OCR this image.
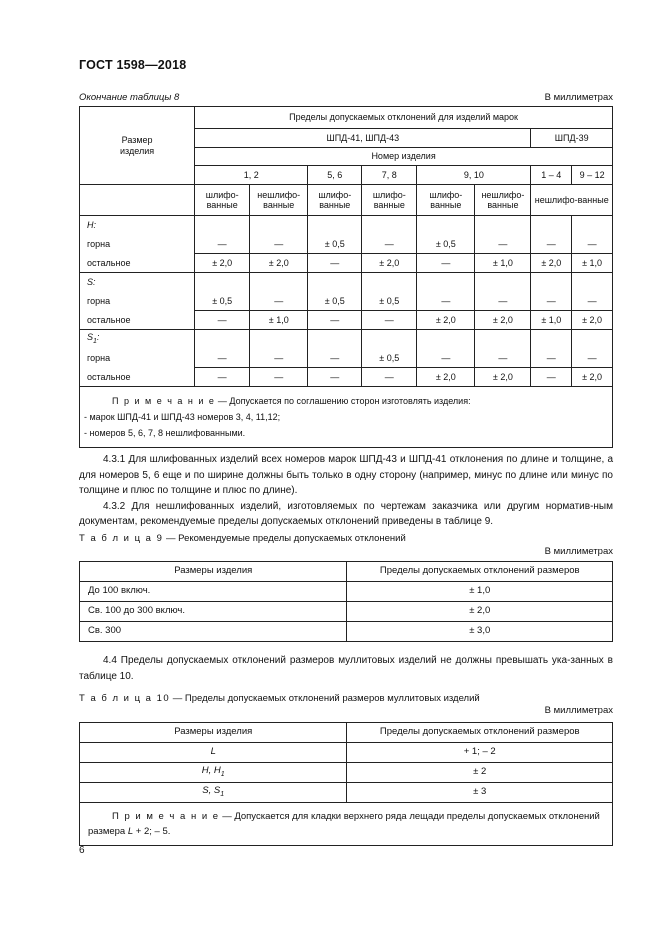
ГОСТ 1598—2018
Окончание таблицы 8	В миллиметрах
Размер изделия	Пределы допускаемых отклонений для изделий марок							
	ШПД-41, ШПД-43						ШПД-39	
	Номер изделия							
	1, 2		5, 6	7, 8	9, 10		1 – 4	9 – 12
	шлифо-ванные	нешлифо-ванные	шлифо-ванные	шлифо-ванные	шлифо-ванные	нешлифо-ванные	нешлифо-ванные	
H:								
горна	—	—	± 0,5	—	± 0,5	—	—	—
остальное	± 2,0	± 2,0	—	± 2,0	—	± 1,0	± 2,0	± 1,0
S:								
горна	± 0,5	—	± 0,5	± 0,5	—	—	—	—
остальное	—	± 1,0	—	—	± 2,0	± 2,0	± 1,0	± 2,0
$S_1$:								
горна	—	—	—	± 0,5	—	—	—	—
остальное	—	—	—	—	± 2,0	± 2,0	—	± 2,0

П р и м е ч а н и е — Допускается по соглашению сторон изготовлять изделия:
- марок ШПД-41 и ШПД-43 номеров 3, 4, 11,12;
- номеров 5, 6, 7, 8 нешлифованными.								

4.3.1 Для шлифованных изделий всех номеров марок ШПД-43 и ШПД-41 отклонения по длине и толщине, а для номеров 5, 6 еще и по ширине должны быть только в одну сторону (например, минус по длине или минус по толщине и плюс по толщине и плюс по длине).

4.3.2 Для нешлифованных изделий, изготовляемых по чертежам заказчика или другим норматив-ным документам, рекомендуемые пределы допускаемых отклонений приведены в таблице 9.

Т а б л и ц а 9 — Рекомендуемые пределы допускаемых отклонений
В миллиметрах
Размеры изделия	Пределы допускаемых отклонений размеров
До 100 включ.	± 1,0
Св. 100 до 300 включ.	± 2,0
Св. 300	± 3,0

4.4 Пределы допускаемых отклонений размеров муллитовых изделий не должны превышать ука-занных в таблице 10.

Т а б л и ц а 10 — Пределы допускаемых отклонений размеров муллитовых изделий
В миллиметрах
Размеры изделия	Пределы допускаемых отклонений размеров
L	+ 1; – 2
H, $H_1$	± 2
S, $S_1$	± 3
П р и м е ч а н и е — Допускается для кладки верхнего ряда лещади пределы допускаемых отклонений размера L + 2; – 5.	
6
